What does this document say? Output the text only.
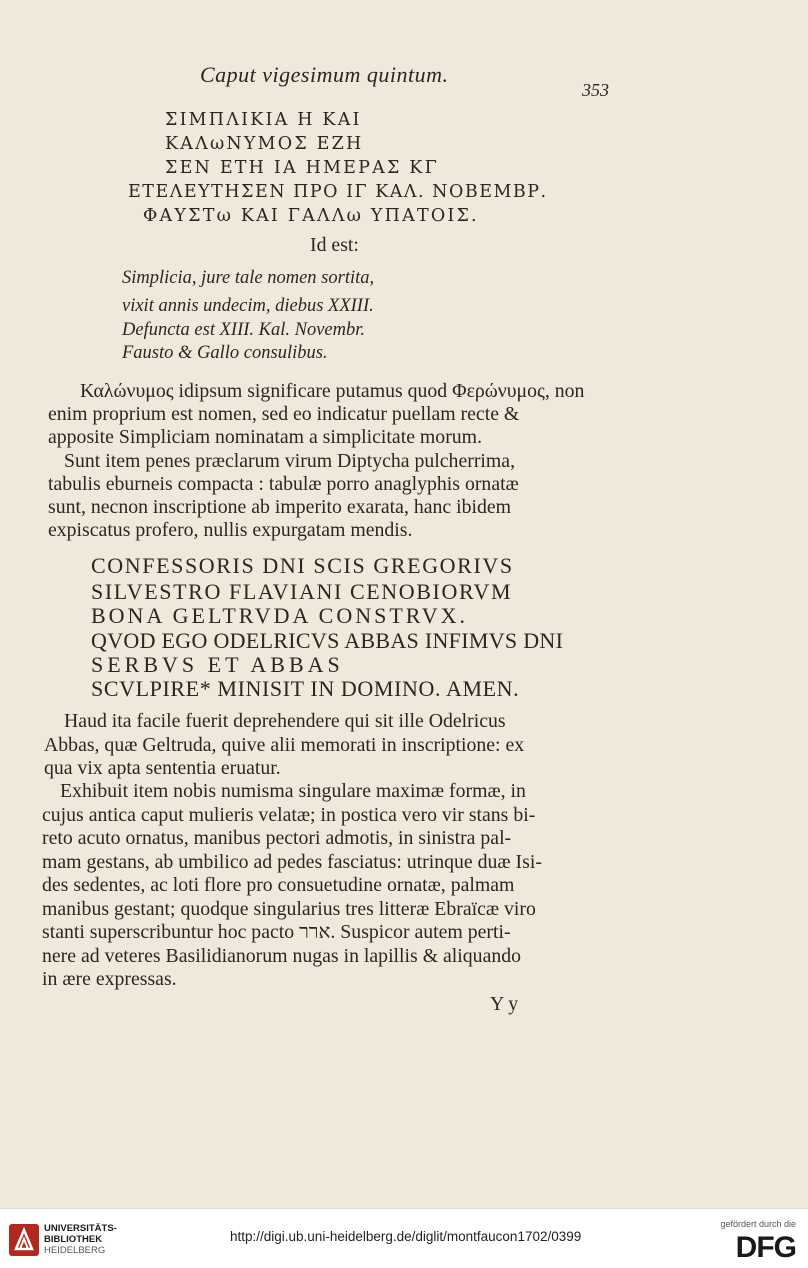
Caput vigesimum quintum.
353
ΣΙΜΠΛΙΚΙΑ Η ΚΑΙ
ΚΑΛωΝΥΜΟΣ ΕΖΗ
ΣΕΝ ΕΤΗ ΙΑ ΗΜΕΡΑΣ ΚΓ
ΕΤΕΛΕΥΤΗΣΕΝ ΠΡΟ ΙΓ ΚΑΛ. ΝΟΒΕΜΒΡ.
ΦΑΥΣΤω ΚΑΙ ΓΑΛΛω ΥΠΑΤΟΙΣ.
Id est:
Simplicia, jure tale nomen sortita,
vixit annis undecim, diebus XXIII.
Defuncta est XIII. Kal. Novembr.
Fausto & Gallo consulibus.
Καλώνυμος idipsum significare putamus quod Φερώνυμος, non
enim proprium est nomen, sed eo indicatur puellam recte &
apposite Simpliciam nominatam a simplicitate morum.
Sunt item penes præclarum virum Diptycha pulcherrima,
tabulis eburneis compacta : tabulæ porro anaglyphis ornatæ
sunt, necnon inscriptione ab imperito exarata, hanc ibidem
expiscatus profero, nullis expurgatam mendis.
CONFESSORIS DNI SCIS GREGORIVS
SILVESTRO FLAVIANI CENOBIORVM
BONA GELTRVDA CONSTRVX.
QVOD EGO ODELRICVS ABBAS INFIMVS DNI
SERBVS ET ABBAS
SCVLPIRE* MINISIT IN DOMINO. AMEN.
Haud ita facile fuerit deprehendere qui sit ille Odelricus
Abbas, quæ Geltruda, quive alii memorati in inscriptione: ex
qua vix apta sententia eruatur.
Exhibuit item nobis numisma singulare maximæ formæ, in
cujus antica caput mulieris velatæ; in postica vero vir stans bi-
reto acuto ornatus, manibus pectori admotis, in sinistra pal-
mam gestans, ab umbilico ad pedes fasciatus: utrinque duæ Isi-
des sedentes, ac loti flore pro consuetudine ornatæ, palmam
manibus gestant; quodque singularius tres litteræ Ebraïcæ viro
stanti superscribuntur hoc pacto ארר. Suspicor autem perti-
nere ad veteres Basilidianorum nugas in lapillis & aliquando
in ære expressas.
Yy
UNIVERSITÄTS-
BIBLIOTHEK
HEIDELBERG
http://digi.ub.uni-heidelberg.de/diglit/montfaucon1702/0399
gefördert durch die
DFG
